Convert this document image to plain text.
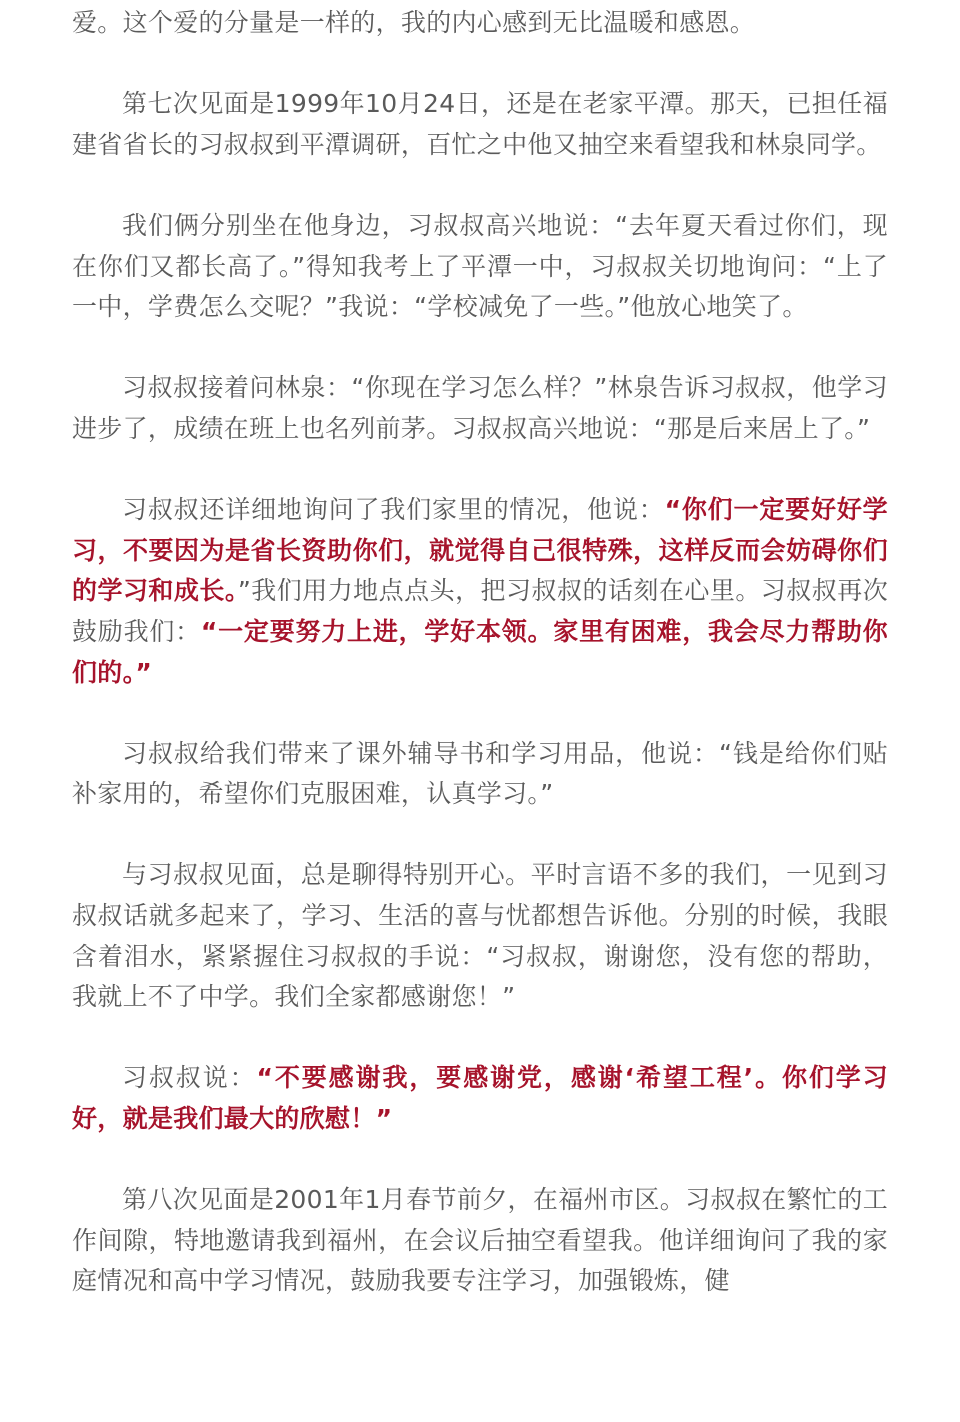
爱。这个爱的分量是一样的，我的内心感到无比温暖和感恩。

第七次见面是1999年10月24日，还是在老家平潭。那天，已担任福建省省长的习叔叔到平潭调研，百忙之中他又抽空来看望我和林泉同学。

我们俩分别坐在他身边，习叔叔高兴地说：“去年夏天看过你们，现在你们又都长高了。”得知我考上了平潭一中，习叔叔关切地询问：“上了一中，学费怎么交呢？”我说：“学校减免了一些。”他放心地笑了。

习叔叔接着问林泉：“你现在学习怎么样？”林泉告诉习叔叔，他学习进步了，成绩在班上也名列前茅。习叔叔高兴地说：“那是后来居上了。”

习叔叔还详细地询问了我们家里的情况，他说：“你们一定要好好学习，不要因为是省长资助你们，就觉得自己很特殊，这样反而会妨碍你们的学习和成长。”我们用力地点点头，把习叔叔的话刻在心里。习叔叔再次鼓励我们：“一定要努力上进，学好本领。家里有困难，我会尽力帮助你们的。”

习叔叔给我们带来了课外辅导书和学习用品，他说：“钱是给你们贴补家用的，希望你们克服困难，认真学习。”

与习叔叔见面，总是聊得特别开心。平时言语不多的我们，一见到习叔叔话就多起来了，学习、生活的喜与忧都想告诉他。分别的时候，我眼含着泪水，紧紧握住习叔叔的手说：“习叔叔，谢谢您，没有您的帮助，我就上不了中学。我们全家都感谢您！”

习叔叔说：“不要感谢我，要感谢党，感谢‘希望工程’。你们学习好，就是我们最大的欣慰！”

第八次见面是2001年1月春节前夕，在福州市区。习叔叔在繁忙的工作间隙，特地邀请我到福州，在会议后抽空看望我。他详细询问了我的家庭情况和高中学习情况，鼓励我要专注学习，加强锻炼，健
